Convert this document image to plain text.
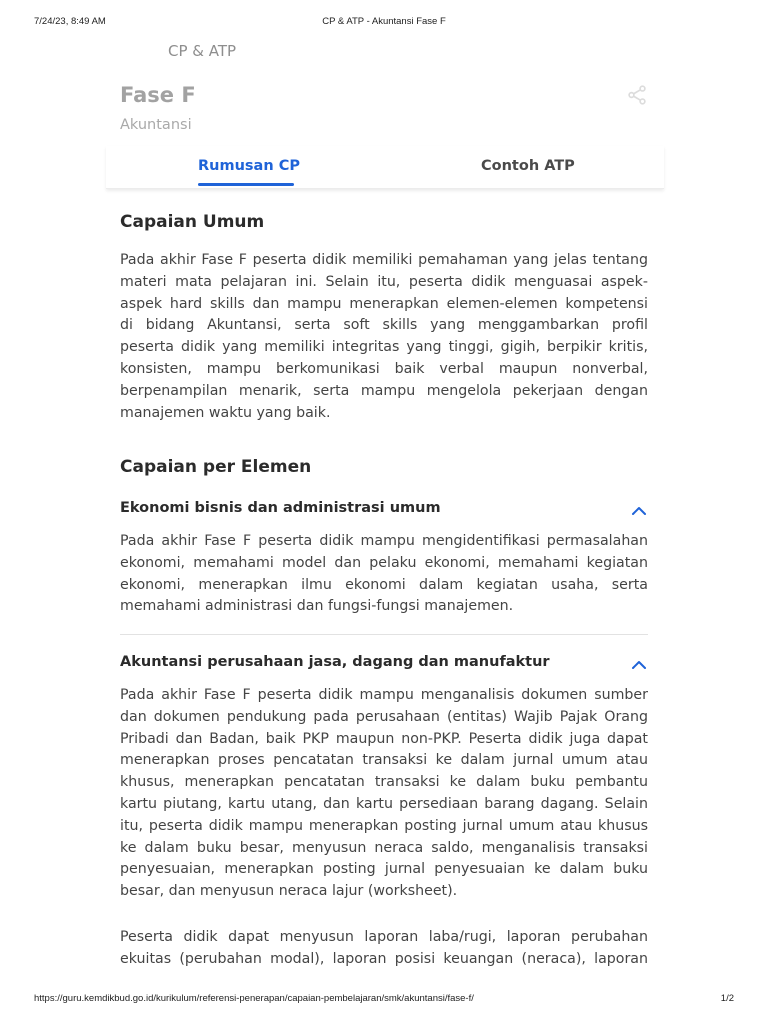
7/24/23, 8:49 AM	CP & ATP - Akuntansi Fase F
CP & ATP
Fase F
Akuntansi
Rumusan CP	Contoh ATP
Capaian Umum
Pada akhir Fase F peserta didik memiliki pemahaman yang jelas tentang
materi mata pelajaran ini. Selain itu, peserta didik menguasai aspek-
aspek hard skills dan mampu menerapkan elemen-elemen kompetensi
di bidang Akuntansi, serta soft skills yang menggambarkan profil
peserta didik yang memiliki integritas yang tinggi, gigih, berpikir kritis,
konsisten, mampu berkomunikasi baik verbal maupun nonverbal,
berpenampilan menarik, serta mampu mengelola pekerjaan dengan
manajemen waktu yang baik.
Capaian per Elemen
Ekonomi bisnis dan administrasi umum
Pada akhir Fase F peserta didik mampu mengidentifikasi permasalahan
ekonomi, memahami model dan pelaku ekonomi, memahami kegiatan
ekonomi, menerapkan ilmu ekonomi dalam kegiatan usaha, serta
memahami administrasi dan fungsi-fungsi manajemen.
Akuntansi perusahaan jasa, dagang dan manufaktur
Pada akhir Fase F peserta didik mampu menganalisis dokumen sumber
dan dokumen pendukung pada perusahaan (entitas) Wajib Pajak Orang
Pribadi dan Badan, baik PKP maupun non-PKP. Peserta didik juga dapat
menerapkan proses pencatatan transaksi ke dalam jurnal umum atau
khusus, menerapkan pencatatan transaksi ke dalam buku pembantu
kartu piutang, kartu utang, dan kartu persediaan barang dagang. Selain
itu, peserta didik mampu menerapkan posting jurnal umum atau khusus
ke dalam buku besar, menyusun neraca saldo, menganalisis transaksi
penyesuaian, menerapkan posting jurnal penyesuaian ke dalam buku
besar, dan menyusun neraca lajur (worksheet).
Peserta didik dapat menyusun laporan laba/rugi, laporan perubahan
ekuitas (perubahan modal), laporan posisi keuangan (neraca), laporan
https://guru.kemdikbud.go.id/kurikulum/referensi-penerapan/capaian-pembelajaran/smk/akuntansi/fase-f/	1/2
